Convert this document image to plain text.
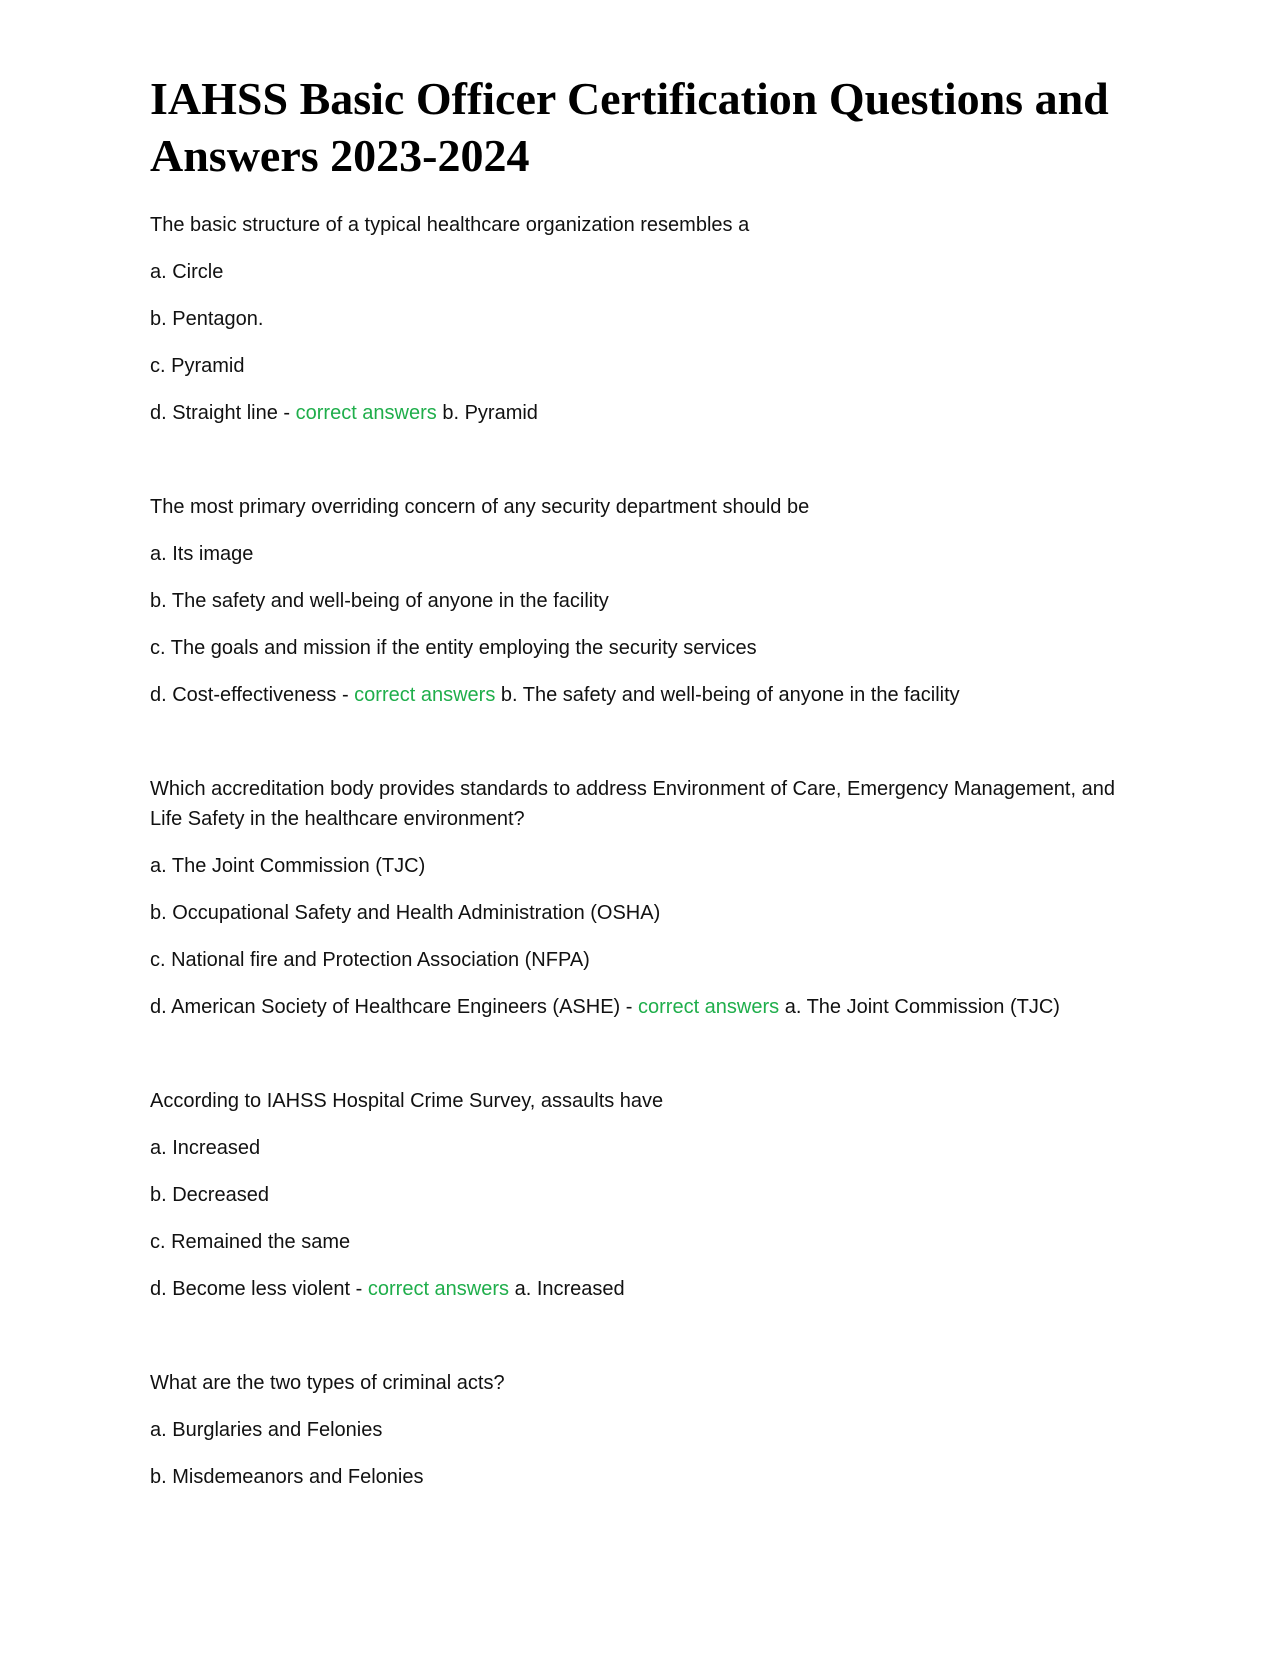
IAHSS Basic Officer Certification Questions and Answers 2023-2024

The basic structure of a typical healthcare organization resembles a

a. Circle

b. Pentagon.

c. Pyramid

d. Straight line - correct answers b. Pyramid

The most primary overriding concern of any security department should be

a. Its image

b. The safety and well-being of anyone in the facility

c. The goals and mission if the entity employing the security services

d. Cost-effectiveness - correct answers b. The safety and well-being of anyone in the facility

Which accreditation body provides standards to address Environment of Care, Emergency Management, and Life Safety in the healthcare environment?

a. The Joint Commission (TJC)

b. Occupational Safety and Health Administration (OSHA)

c. National fire and Protection Association (NFPA)

d. American Society of Healthcare Engineers (ASHE) - correct answers a. The Joint Commission (TJC)

According to IAHSS Hospital Crime Survey, assaults have

a. Increased

b. Decreased

c. Remained the same

d. Become less violent - correct answers a. Increased

What are the two types of criminal acts?

a. Burglaries and Felonies

b. Misdemeanors and Felonies
